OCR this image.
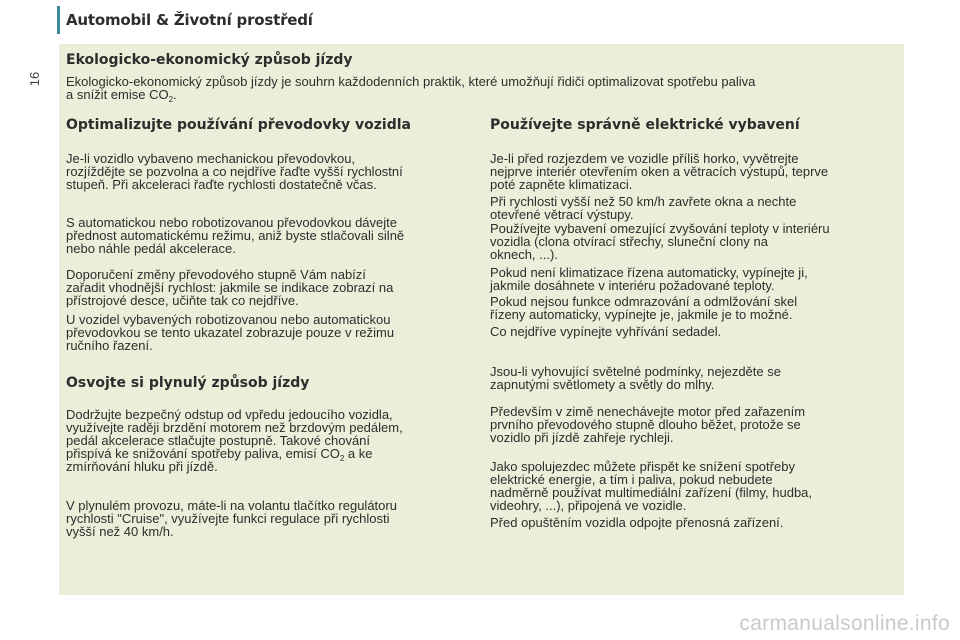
Automobil & Životní prostředí
16
Ekologicko-ekonomický způsob jízdy

Ekologicko-ekonomický způsob jízdy je souhrn každodenních praktik, které umožňují řidiči optimalizovat spotřebu paliva
a snížit emise $CO_2$.

Optimalizujte používání převodovky vozidla

Je-li vozidlo vybaveno mechanickou převodovkou,
rozjíždějte se pozvolna a co nejdříve řaďte vyšší rychlostní
stupeň. Při akceleraci řaďte rychlosti dostatečně včas.

S automatickou nebo robotizovanou převodovkou dávejte
přednost automatickému režimu, aniž byste stlačovali silně
nebo náhle pedál akcelerace.

Doporučení změny převodového stupně Vám nabízí
zařadit vhodnější rychlost: jakmile se indikace zobrazí na
přístrojové desce, učiňte tak co nejdříve.

U vozidel vybavených robotizovanou nebo automatickou
převodovkou se tento ukazatel zobrazuje pouze v režimu
ručního řazení.

Osvojte si plynulý způsob jízdy

Dodržujte bezpečný odstup od vpředu jedoucího vozidla,
využívejte raději brzdění motorem než brzdovým pedálem,
pedál akcelerace stlačujte postupně. Takové chování
přispívá ke snižování spotřeby paliva, emisí $CO_2$ a ke
zmírňování hluku při jízdě.

V plynulém provozu, máte-li na volantu tlačítko regulátoru
rychlosti "Cruise", využívejte funkci regulace při rychlosti
vyšší než 40 km/h.

Používejte správně elektrické vybavení

Je-li před rozjezdem ve vozidle příliš horko, vyvětrejte
nejprve interiér otevřením oken a větracích výstupů, teprve
poté zapněte klimatizaci.

Při rychlosti vyšší než 50 km/h zavřete okna a nechte
otevřené větrací výstupy.

Používejte vybavení omezující zvyšování teploty v interiéru
vozidla (clona otvírací střechy, sluneční clony na
oknech, ...).

Pokud není klimatizace řízena automaticky, vypínejte ji,
jakmile dosáhnete v interiéru požadované teploty.

Pokud nejsou funkce odmrazování a odmlžování skel
řízeny automaticky, vypínejte je, jakmile je to možné.

Co nejdříve vypínejte vyhřívání sedadel.

Jsou-li vyhovující světelné podmínky, nejezděte se
zapnutými světlomety a světly do mlhy.

Především v zimě nenechávejte motor před zařazením
prvního převodového stupně dlouho běžet, protože se
vozidlo při jízdě zahřeje rychleji.

Jako spolujezdec můžete přispět ke snížení spotřeby
elektrické energie, a tím i paliva, pokud nebudete
nadměrně používat multimediální zařízení (filmy, hudba,
videohry, ...), připojená ve vozidle.

Před opuštěním vozidla odpojte přenosná zařízení.

carmanualsonline.info
